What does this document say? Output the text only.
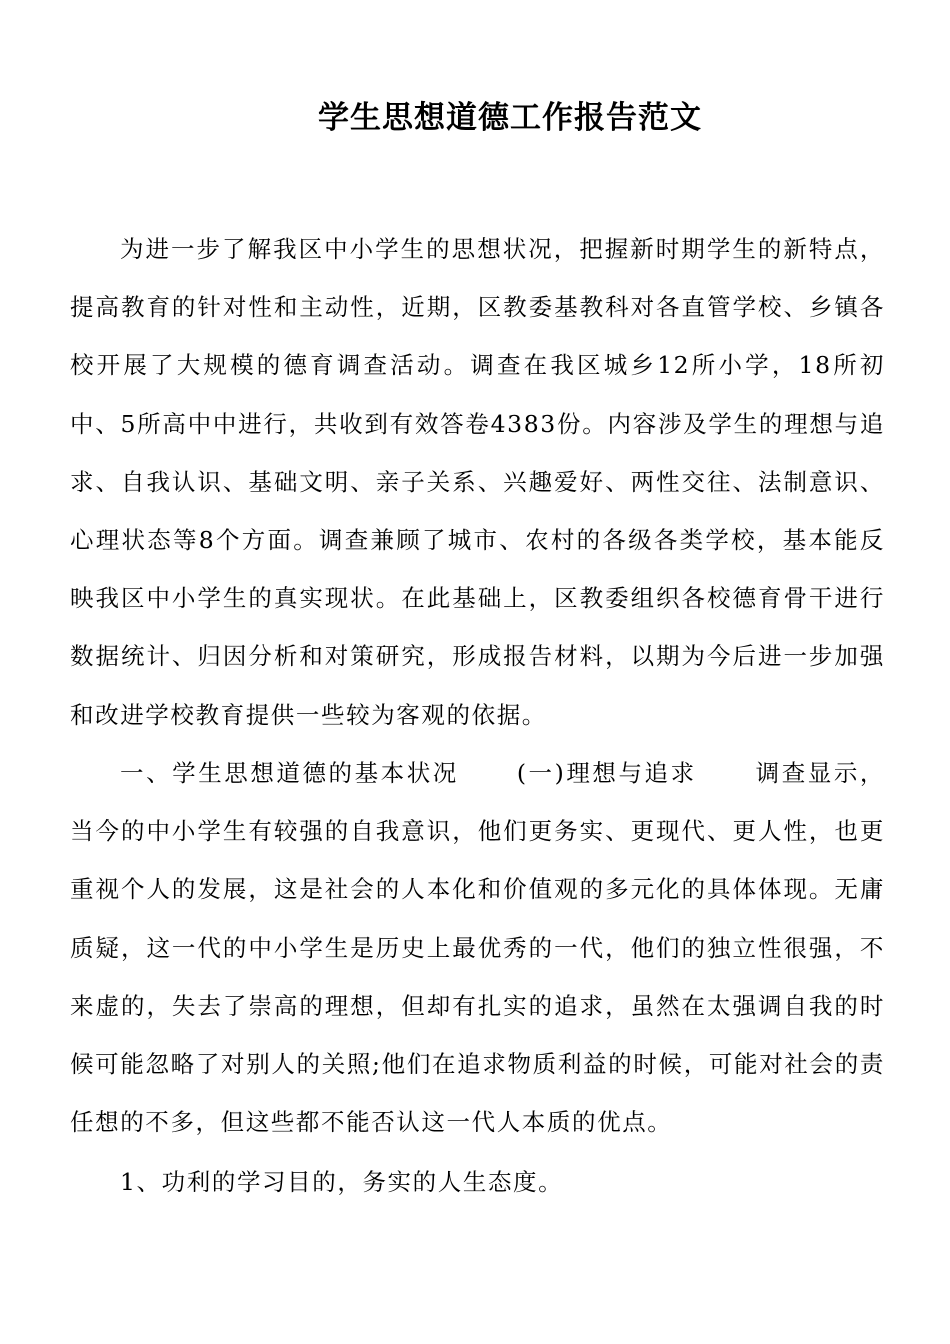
学生思想道德工作报告范文

为进一步了解我区中小学生的思想状况，把握新时期学生的新特点，提高教育的针对性和主动性，近期，区教委基教科对各直管学校、乡镇各校开展了大规模的德育调查活动。调查在我区城乡12所小学，18所初中、5所高中中进行，共收到有效答卷4383份。内容涉及学生的理想与追求、自我认识、基础文明、亲子关系、兴趣爱好、两性交往、法制意识、心理状态等8个方面。调查兼顾了城市、农村的各级各类学校，基本能反映我区中小学生的真实现状。在此基础上，区教委组织各校德育骨干进行数据统计、归因分析和对策研究，形成报告材料，以期为今后进一步加强和改进学校教育提供一些较为客观的依据。

一、学生思想道德的基本状况 (一)理想与追求 调查显示，当今的中小学生有较强的自我意识，他们更务实、更现代、更人性，也更重视个人的发展，这是社会的人本化和价值观的多元化的具体体现。无庸质疑，这一代的中小学生是历史上最优秀的一代，他们的独立性很强，不来虚的，失去了崇高的理想，但却有扎实的追求，虽然在太强调自我的时候可能忽略了对别人的关照;他们在追求物质利益的时候，可能对社会的责任想的不多，但这些都不能否认这一代人本质的优点。

1、功利的学习目的，务实的人生态度。
